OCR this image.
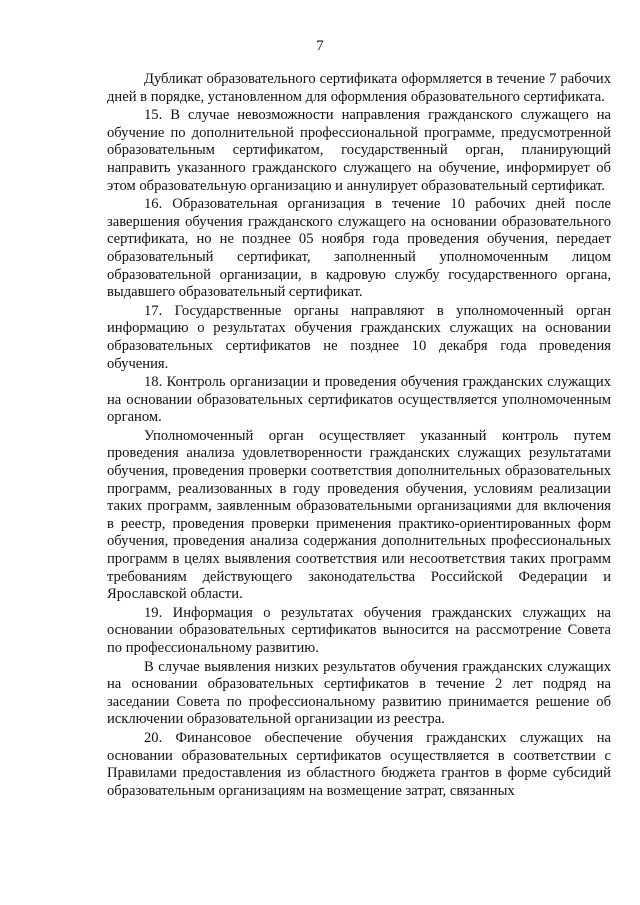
7

Дубликат образовательного сертификата оформляется в течение 7 рабочих дней в порядке, установленном для оформления образовательного сертификата.

15. В случае невозможности направления гражданского служащего на обучение по дополнительной профессиональной программе, предусмотренной образовательным сертификатом, государственный орган, планирующий направить указанного гражданского служащего на обучение, информирует об этом образовательную организацию и аннулирует образовательный сертификат.

16. Образовательная организация в течение 10 рабочих дней после завершения обучения гражданского служащего на основании образовательного сертификата, но не позднее 05 ноября года проведения обучения, передает образовательный сертификат, заполненный уполномоченным лицом образовательной организации, в кадровую службу государственного органа, выдавшего образовательный сертификат.

17. Государственные органы направляют в уполномоченный орган информацию о результатах обучения гражданских служащих на основании образовательных сертификатов не позднее 10 декабря года проведения обучения.

18. Контроль организации и проведения обучения гражданских служащих на основании образовательных сертификатов осуществляется уполномоченным органом.

Уполномоченный орган осуществляет указанный контроль путем проведения анализа удовлетворенности гражданских служащих результатами обучения, проведения проверки соответствия дополнительных образовательных программ, реализованных в году проведения обучения, условиям реализации таких программ, заявленным образовательными организациями для включения в реестр, проведения проверки применения практико-ориентированных форм обучения, проведения анализа содержания дополнительных профессиональных программ в целях выявления соответствия или несоответствия таких программ требованиям действующего законодательства Российской Федерации и Ярославской области.

19. Информация о результатах обучения гражданских служащих на основании образовательных сертификатов выносится на рассмотрение Совета по профессиональному развитию.

В случае выявления низких результатов обучения гражданских служащих на основании образовательных сертификатов в течение 2 лет подряд на заседании Совета по профессиональному развитию принимается решение об исключении образовательной организации из реестра.

20. Финансовое обеспечение обучения гражданских служащих на основании образовательных сертификатов осуществляется в соответствии с Правилами предоставления из областного бюджета грантов в форме субсидий образовательным организациям на возмещение затрат, связанных
